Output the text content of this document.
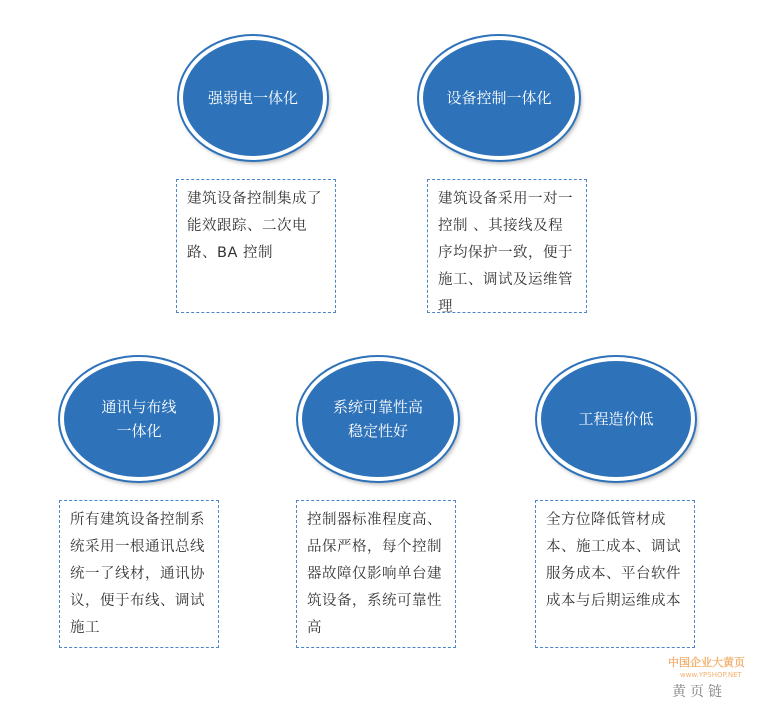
强弱电一体化
建筑设备控制集成了能效跟踪、二次电路、BA 控制
设备控制一体化
建筑设备采用一对一控制 、其接线及程序均保护一致，便于施工、调试及运维管理
通讯与布线
一体化
所有建筑设备控制系统采用一根通讯总线统一了线材，通讯协议，便于布线、调试施工
系统可靠性高
稳定性好
控制器标准程度高、品保严格，每个控制器故障仅影响单台建筑设备，系统可靠性高
工程造价低
全方位降低管材成本、施工成本、调试服务成本、平台软件成本与后期运维成本
中国企业大黄页
www.YPSHOP.NET
黄页链
